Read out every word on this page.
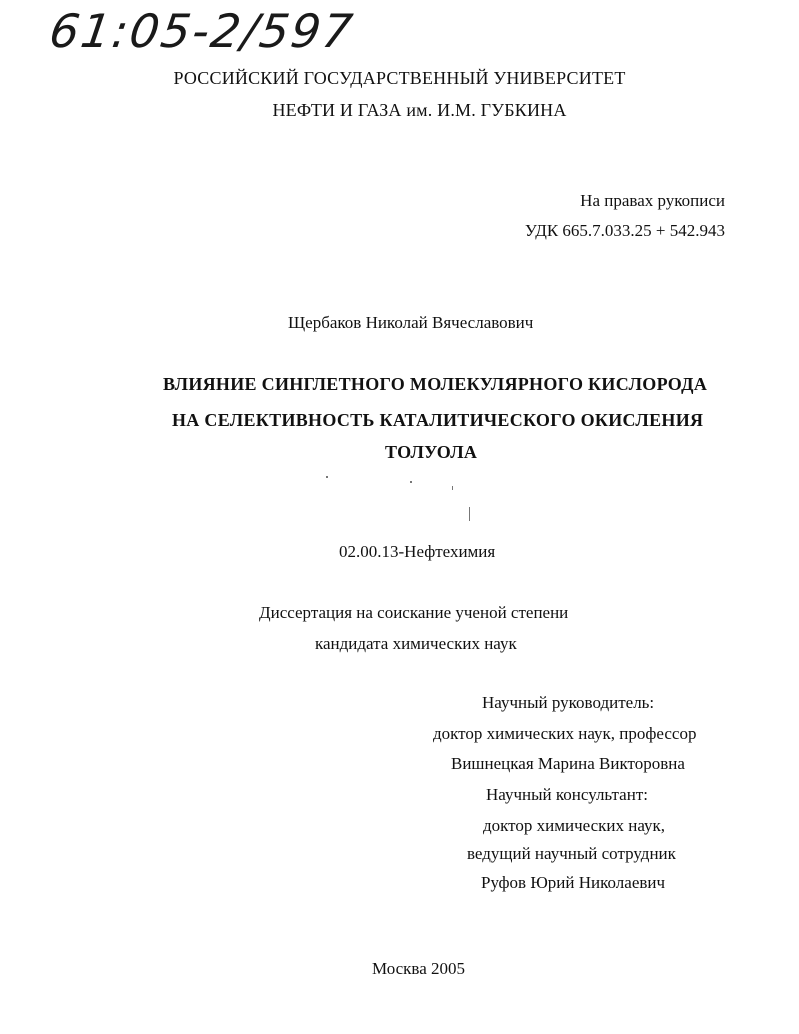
61:05-2/597
РОССИЙСКИЙ ГОСУДАРСТВЕННЫЙ УНИВЕРСИТЕТ
НЕФТИ И ГАЗА им. И.М. ГУБКИНА
На правах рукописи
УДК 665.7.033.25 + 542.943
Щербаков Николай Вячеславович
ВЛИЯНИЕ СИНГЛЕТНОГО МОЛЕКУЛЯРНОГО КИСЛОРОДА
НА СЕЛЕКТИВНОСТЬ КАТАЛИТИЧЕСКОГО ОКИСЛЕНИЯ
ТОЛУОЛА
02.00.13-Нефтехимия
Диссертация на соискание ученой степени
кандидата химических наук
Научный руководитель:
доктор химических наук, профессор
Вишнецкая Марина Викторовна
Научный консультант:
доктор химических наук,
ведущий научный сотрудник
Руфов Юрий Николаевич
Москва 2005
